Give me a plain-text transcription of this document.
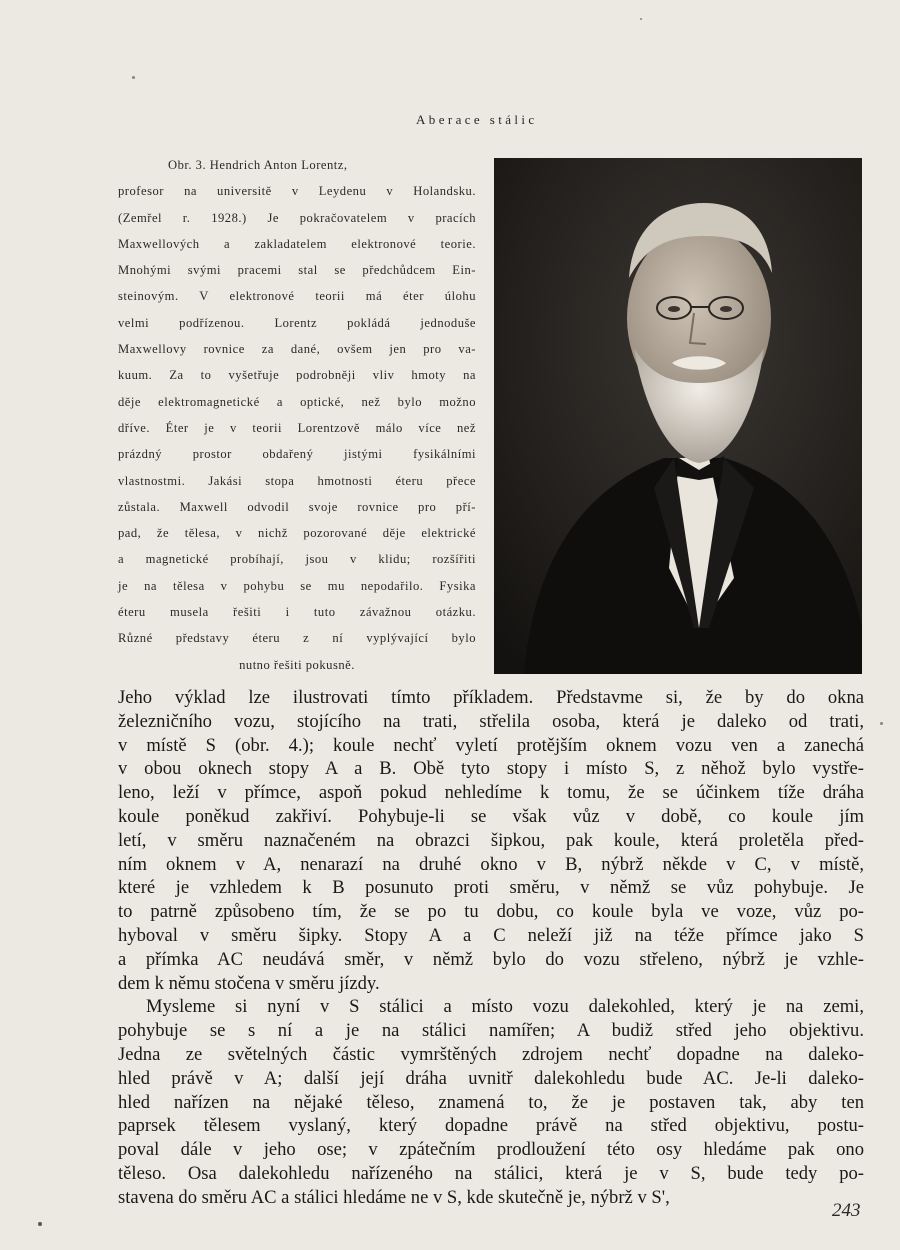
Aberace stálic
Obr. 3. Hendrich Anton Lorentz,
profesor na universitě v Leydenu v Holandsku.
(Zemřel r. 1928.) Je pokračovatelem v pracích
Maxwellových a zakladatelem elektronové teorie.
Mnohými svými pracemi stal se předchůdcem Ein-
steinovým. V elektronové teorii má éter úlohu
velmi podřízenou. Lorentz pokládá jednoduše
Maxwellovy rovnice za dané, ovšem jen pro va-
kuum. Za to vyšetřuje podrobněji vliv hmoty na
děje elektromagnetické a optické, než bylo možno
dříve. Éter je v teorii Lorentzově málo více než
prázdný prostor obdařený jistými fysikálními
vlastnostmi. Jakási stopa hmotnosti éteru přece
zůstala. Maxwell odvodil svoje rovnice pro pří-
pad, že tělesa, v nichž pozorované děje elektrické
a magnetické probíhají, jsou v klidu; rozšířiti
je na tělesa v pohybu se mu nepodařilo. Fysika
éteru musela řešiti i tuto závažnou otázku.
Různé představy éteru z ní vyplývající bylo
nutno řešiti pokusně.
Jeho výklad lze ilustrovati tímto příkladem. Představme si, že by do okna
železničního vozu, stojícího na trati, střelila osoba, která je daleko od trati,
v místě S (obr. 4.); koule nechť vyletí protějším oknem vozu ven a zanechá
v obou oknech stopy A a B. Obě tyto stopy i místo S, z něhož bylo vystře-
leno, leží v přímce, aspoň pokud nehledíme k tomu, že se účinkem tíže dráha
koule poněkud zakřiví. Pohybuje-li se však vůz v době, co koule jím
letí, v směru naznačeném na obrazci šipkou, pak koule, která proletěla před-
ním oknem v A, nenarazí na druhé okno v B, nýbrž někde v C, v místě,
které je vzhledem k B posunuto proti směru, v němž se vůz pohybuje. Je
to patrně způsobeno tím, že se po tu dobu, co koule byla ve voze, vůz po-
hyboval v směru šipky. Stopy A a C neleží již na téže přímce jako S
a přímka AC neudává směr, v němž bylo do vozu střeleno, nýbrž je vzhle-
dem k němu stočena v směru jízdy.
Mysleme si nyní v S stálici a místo vozu dalekohled, který je na zemi,
pohybuje se s ní a je na stálici namířen; A budiž střed jeho objektivu.
Jedna ze světelných částic vymrštěných zdrojem nechť dopadne na daleko-
hled právě v A; další její dráha uvnitř dalekohledu bude AC. Je-li daleko-
hled nařízen na nějaké těleso, znamená to, že je postaven tak, aby ten
paprsek tělesem vyslaný, který dopadne právě na střed objektivu, postu-
poval dále v jeho ose; v zpátečním prodloužení této osy hledáme pak ono
těleso. Osa dalekohledu nařízeného na stálici, která je v S, bude tedy po-
stavena do směru AC a stálici hledáme ne v S, kde skutečně je, nýbrž v S',
243
